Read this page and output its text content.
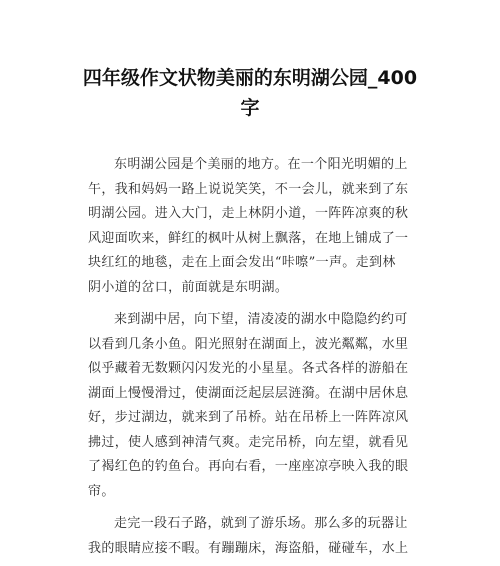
四年级作文状物美丽的东明湖公园_400
字
东明湖公园是个美丽的地方。在一个阳光明媚的上
午，我和妈妈一路上说说笑笑，不一会儿，就来到了东
明湖公园。进入大门，走上林阴小道，一阵阵凉爽的秋
风迎面吹来，鲜红的枫叶从树上飘落，在地上铺成了一
块红红的地毯，走在上面会发出“咔嚓”一声。走到林
阴小道的岔口，前面就是东明湖。
来到湖中居，向下望，清凌凌的湖水中隐隐约约可
以看到几条小鱼。阳光照射在湖面上，波光粼粼，水里
似乎藏着无数颗闪闪发光的小星星。各式各样的游船在
湖面上慢慢滑过，使湖面泛起层层涟漪。在湖中居休息
好，步过湖边，就来到了吊桥。站在吊桥上一阵阵凉风
拂过，使人感到神清气爽。走完吊桥，向左望，就看见
了褐红色的钓鱼台。再向右看，一座座凉亭映入我的眼
帘。
走完一段石子路，就到了游乐场。那么多的玩器让
我的眼睛应接不暇。有蹦蹦床，海盗船，碰碰车，水上
